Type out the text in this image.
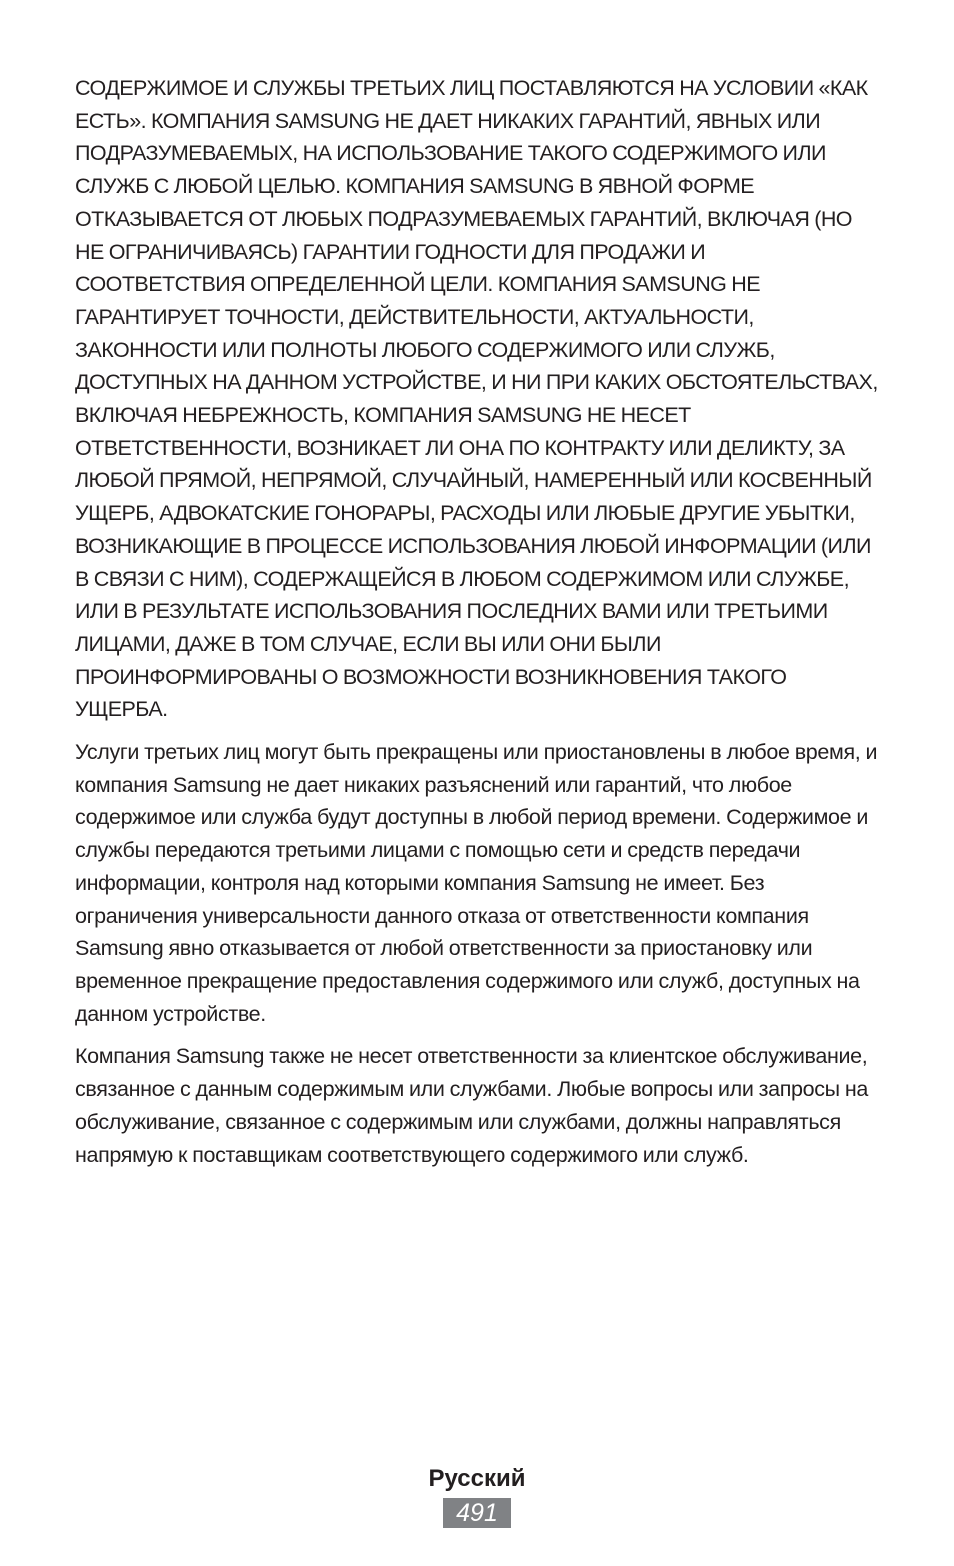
СОДЕРЖИМОЕ И СЛУЖБЫ ТРЕТЬИХ ЛИЦ ПОСТАВЛЯЮТСЯ НА УСЛОВИИ «КАК ЕСТЬ». КОМПАНИЯ SAMSUNG НЕ ДАЕТ НИКАКИХ ГАРАНТИЙ, ЯВНЫХ ИЛИ ПОДРАЗУМЕВАЕМЫХ, НА ИСПОЛЬЗОВАНИЕ ТАКОГО СОДЕРЖИМОГО ИЛИ СЛУЖБ С ЛЮБОЙ ЦЕЛЬЮ. КОМПАНИЯ SAMSUNG В ЯВНОЙ ФОРМЕ ОТКАЗЫВАЕТСЯ ОТ ЛЮБЫХ ПОДРАЗУМЕВАЕМЫХ ГАРАНТИЙ, ВКЛЮЧАЯ (НО НЕ ОГРАНИЧИВАЯСЬ) ГАРАНТИИ ГОДНОСТИ ДЛЯ ПРОДАЖИ И СООТВЕТСТВИЯ ОПРЕДЕЛЕННОЙ ЦЕЛИ. КОМПАНИЯ SAMSUNG НЕ ГАРАНТИРУЕТ ТОЧНОСТИ, ДЕЙСТВИТЕЛЬНОСТИ, АКТУАЛЬНОСТИ, ЗАКОННОСТИ ИЛИ ПОЛНОТЫ ЛЮБОГО СОДЕРЖИМОГО ИЛИ СЛУЖБ, ДОСТУПНЫХ НА ДАННОМ УСТРОЙСТВЕ, И НИ ПРИ КАКИХ ОБСТОЯТЕЛЬСТВАХ, ВКЛЮЧАЯ НЕБРЕЖНОСТЬ, КОМПАНИЯ SAMSUNG НЕ НЕСЕТ ОТВЕТСТВЕННОСТИ, ВОЗНИКАЕТ ЛИ ОНА ПО КОНТРАКТУ ИЛИ ДЕЛИКТУ, ЗА ЛЮБОЙ ПРЯМОЙ, НЕПРЯМОЙ, СЛУЧАЙНЫЙ, НАМЕРЕННЫЙ ИЛИ КОСВЕННЫЙ УЩЕРБ, АДВОКАТСКИЕ ГОНОРАРЫ, РАСХОДЫ ИЛИ ЛЮБЫЕ ДРУГИЕ УБЫТКИ, ВОЗНИКАЮЩИЕ В ПРОЦЕССЕ ИСПОЛЬЗОВАНИЯ ЛЮБОЙ ИНФОРМАЦИИ (ИЛИ В СВЯЗИ С НИМ), СОДЕРЖАЩЕЙСЯ В ЛЮБОМ СОДЕРЖИМОМ ИЛИ СЛУЖБЕ, ИЛИ В РЕЗУЛЬТАТЕ ИСПОЛЬЗОВАНИЯ ПОСЛЕДНИХ ВАМИ ИЛИ ТРЕТЬИМИ ЛИЦАМИ, ДАЖЕ В ТОМ СЛУЧАЕ, ЕСЛИ ВЫ ИЛИ ОНИ БЫЛИ ПРОИНФОРМИРОВАНЫ О ВОЗМОЖНОСТИ ВОЗНИКНОВЕНИЯ ТАКОГО УЩЕРБА.

Услуги третьих лиц могут быть прекращены или приостановлены в любое время, и компания Samsung не дает никаких разъяснений или гарантий, что любое содержимое или служба будут доступны в любой период времени. Содержимое и службы передаются третьими лицами с помощью сети и средств передачи информации, контроля над которыми компания Samsung не имеет. Без ограничения универсальности данного отказа от ответственности компания Samsung явно отказывается от любой ответственности за приостановку или временное прекращение предоставления содержимого или служб, доступных на данном устройстве.

Компания Samsung также не несет ответственности за клиентское обслуживание, связанное с данным содержимым или службами. Любые вопросы или запросы на обслуживание, связанное с содержимым или службами, должны направляться напрямую к поставщикам соответствующего содержимого или служб.

Русский
491
